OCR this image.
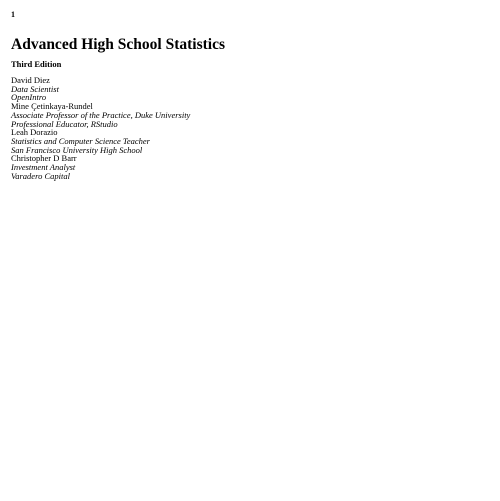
1
Advanced High School Statistics
Third Edition
David Diez
Data Scientist
OpenIntro
Mine Çetinkaya-Rundel
Associate Professor of the Practice, Duke University
Professional Educator, RStudio
Leah Dorazio
Statistics and Computer Science Teacher
San Francisco University High School
Christopher D Barr
Investment Analyst
Varadero Capital
